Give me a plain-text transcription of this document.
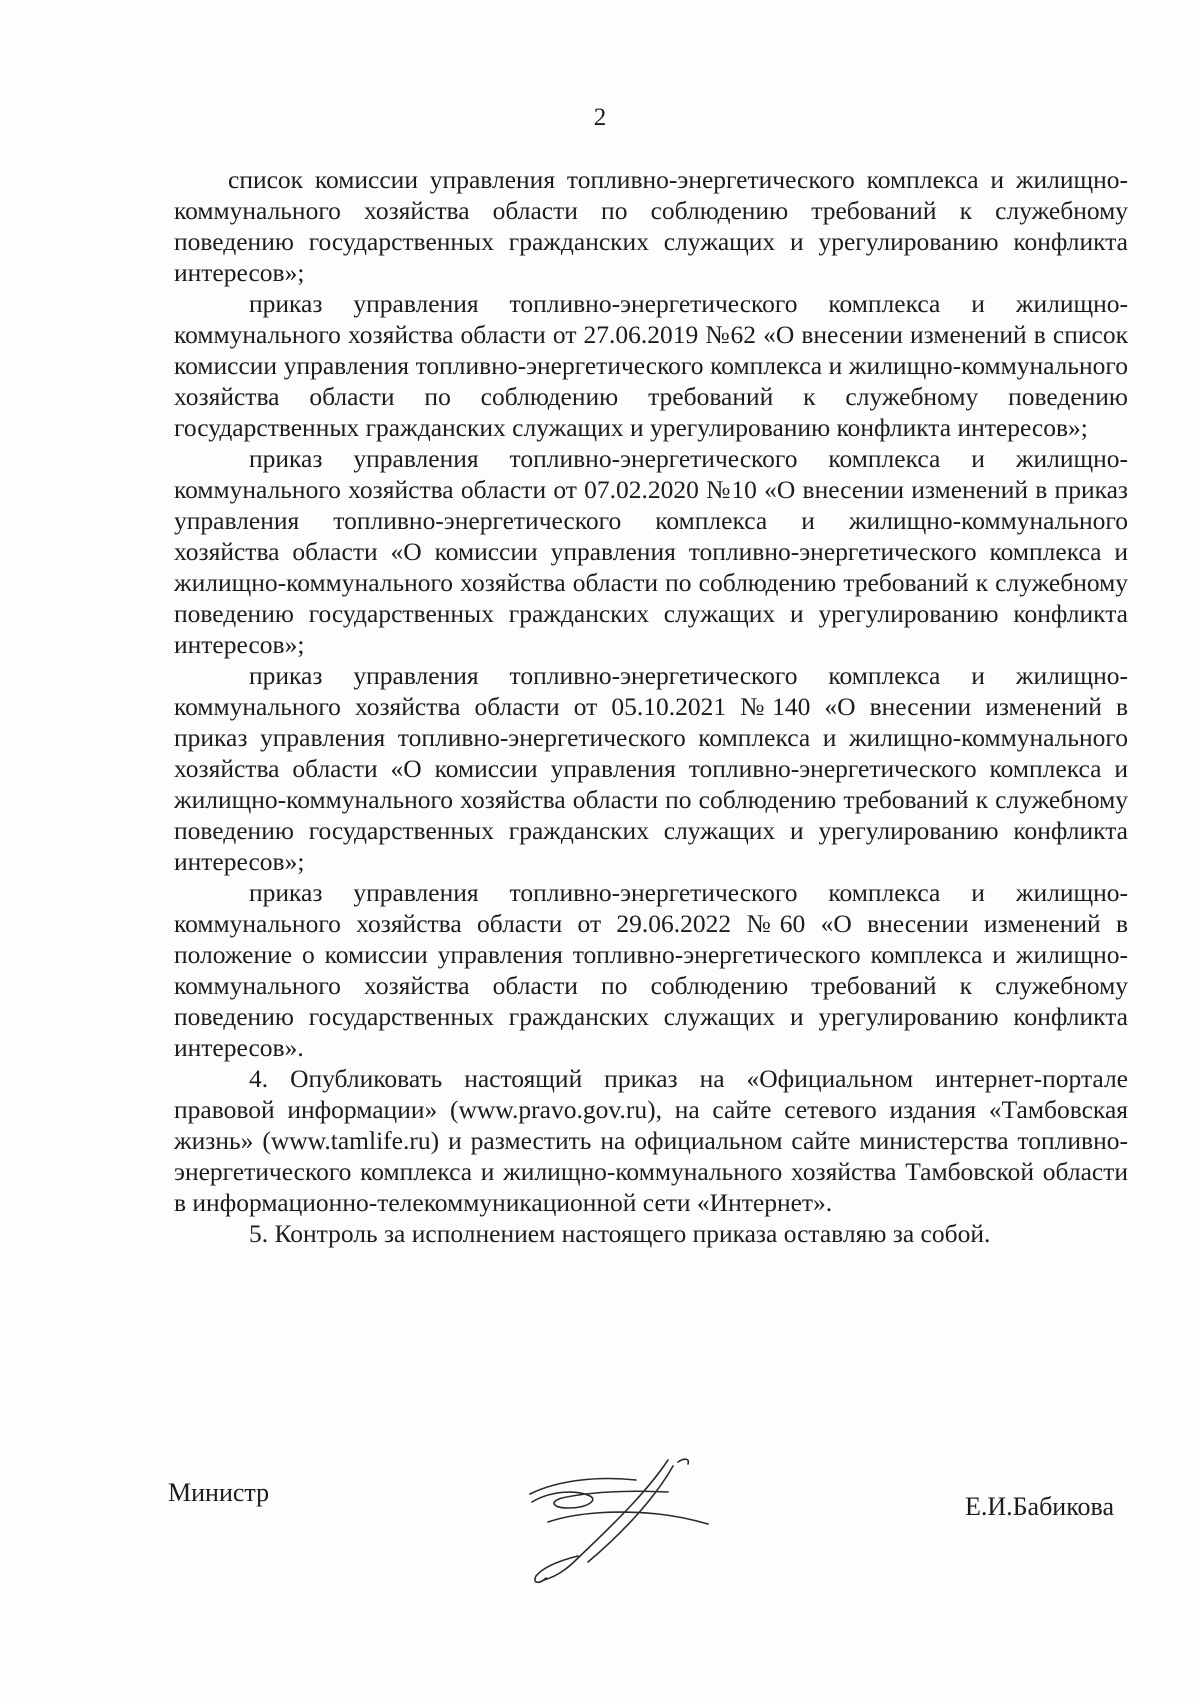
2

список комиссии управления топливно-энергетического комплекса и жилищно-коммунального хозяйства области по соблюдению требований к служебному поведению государственных гражданских служащих и урегулированию конфликта интересов»;

приказ управления топливно-энергетического комплекса и жилищно-коммунального хозяйства области от 27.06.2019 №62 «О внесении изменений в список комиссии управления топливно-энергетического комплекса и жилищно-коммунального хозяйства области по соблюдению требований к служебному поведению государственных гражданских служащих и урегулированию конфликта интересов»;

приказ управления топливно-энергетического комплекса и жилищно-коммунального хозяйства области от 07.02.2020 №10 «О внесении изменений в приказ управления топливно-энергетического комплекса и жилищно-коммунального хозяйства области «О комиссии управления топливно-энергетического комплекса и жилищно-коммунального хозяйства области по соблюдению требований к служебному поведению государственных гражданских служащих и урегулированию конфликта интересов»;

приказ управления топливно-энергетического комплекса и жилищно-коммунального хозяйства области от 05.10.2021 №140 «О внесении изменений в приказ управления топливно-энергетического комплекса и жилищно-коммунального хозяйства области «О комиссии управления топливно-энергетического комплекса и жилищно-коммунального хозяйства области по соблюдению требований к служебному поведению государственных гражданских служащих и урегулированию конфликта интересов»;

приказ управления топливно-энергетического комплекса и жилищно-коммунального хозяйства области от 29.06.2022 №60 «О внесении изменений в положение о комиссии управления топливно-энергетического комплекса и жилищно-коммунального хозяйства области по соблюдению требований к служебному поведению государственных гражданских служащих и урегулированию конфликта интересов».

4. Опубликовать настоящий приказ на «Официальном интернет-портале правовой информации» (www.pravo.gov.ru), на сайте сетевого издания «Тамбовская жизнь» (www.tamlife.ru) и разместить на официальном сайте министерства топливно-энергетического комплекса и жилищно-коммунального хозяйства Тамбовской области в информационно-телекоммуникационной сети «Интернет».

5. Контроль за исполнением настоящего приказа оставляю за собой.

Министр	Е.И.Бабикова
